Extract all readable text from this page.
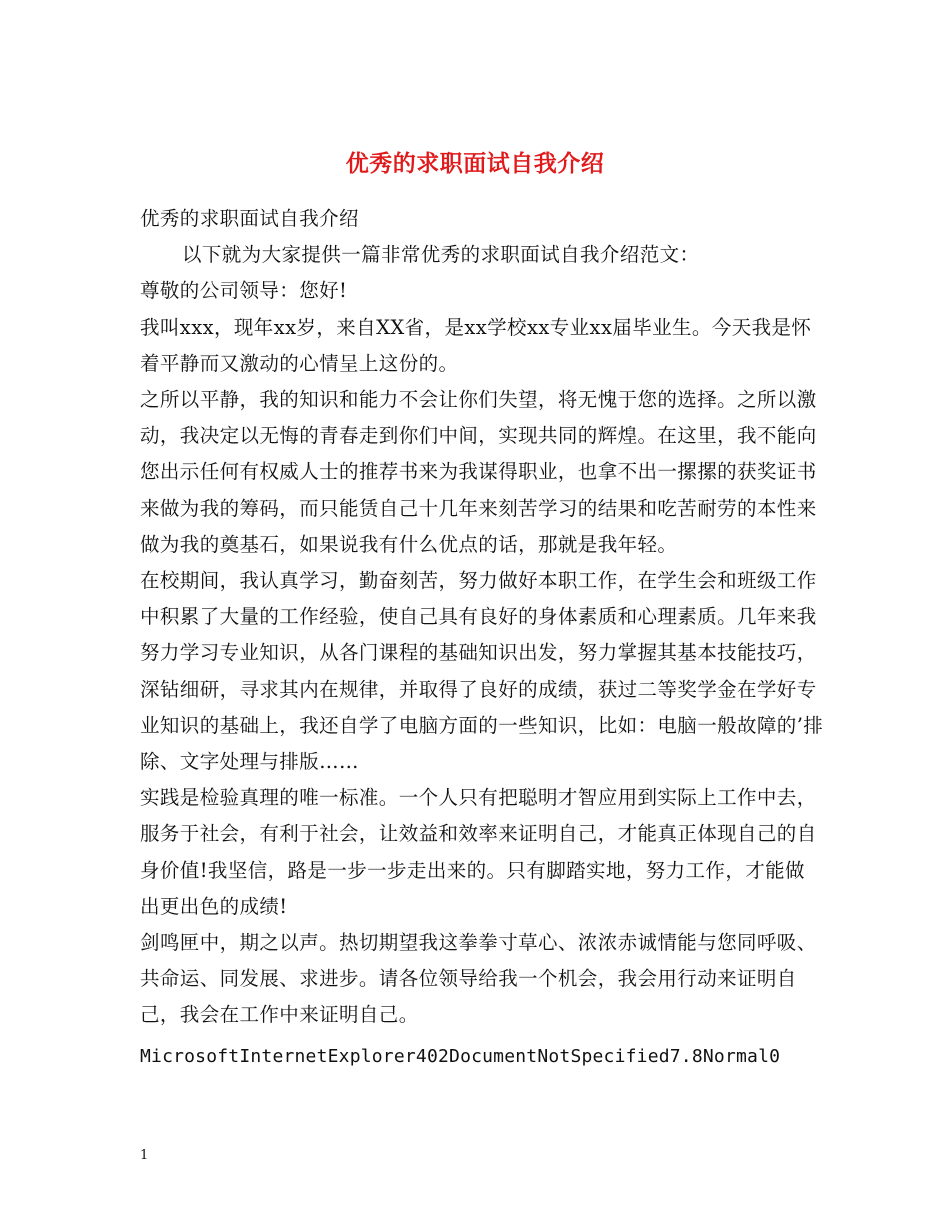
优秀的求职面试自我介绍

优秀的求职面试自我介绍

以下就为大家提供一篇非常优秀的求职面试自我介绍范文：

尊敬的公司领导：您好!

我叫xxx，现年xx岁，来自XX省，是xx学校xx专业xx届毕业生。今天我是怀着平静而又激动的心情呈上这份的。

之所以平静，我的知识和能力不会让你们失望，将无愧于您的选择。之所以激动，我决定以无悔的青春走到你们中间，实现共同的辉煌。在这里，我不能向您出示任何有权威人士的推荐书来为我谋得职业，也拿不出一摞摞的获奖证书来做为我的筹码，而只能赁自己十几年来刻苦学习的结果和吃苦耐劳的本性来做为我的奠基石，如果说我有什么优点的话，那就是我年轻。

在校期间，我认真学习，勤奋刻苦，努力做好本职工作，在学生会和班级工作中积累了大量的工作经验，使自己具有良好的身体素质和心理素质。几年来我努力学习专业知识，从各门课程的基础知识出发，努力掌握其基本技能技巧，深钻细研，寻求其内在规律，并取得了良好的成绩，获过二等奖学金在学好专业知识的基础上，我还自学了电脑方面的一些知识，比如：电脑一般故障的’排除、文字处理与排版……

实践是检验真理的唯一标准。一个人只有把聪明才智应用到实际上工作中去，服务于社会，有利于社会，让效益和效率来证明自己，才能真正体现自己的自身价值!我坚信，路是一步一步走出来的。只有脚踏实地，努力工作，才能做出更出色的成绩!

剑鸣匣中，期之以声。热切期望我这拳拳寸草心、浓浓赤诚情能与您同呼吸、共命运、同发展、求进步。请各位领导给我一个机会，我会用行动来证明自己，我会在工作中来证明自己。

MicrosoftInternetExplorer402DocumentNotSpecified7.8Normal0

1
